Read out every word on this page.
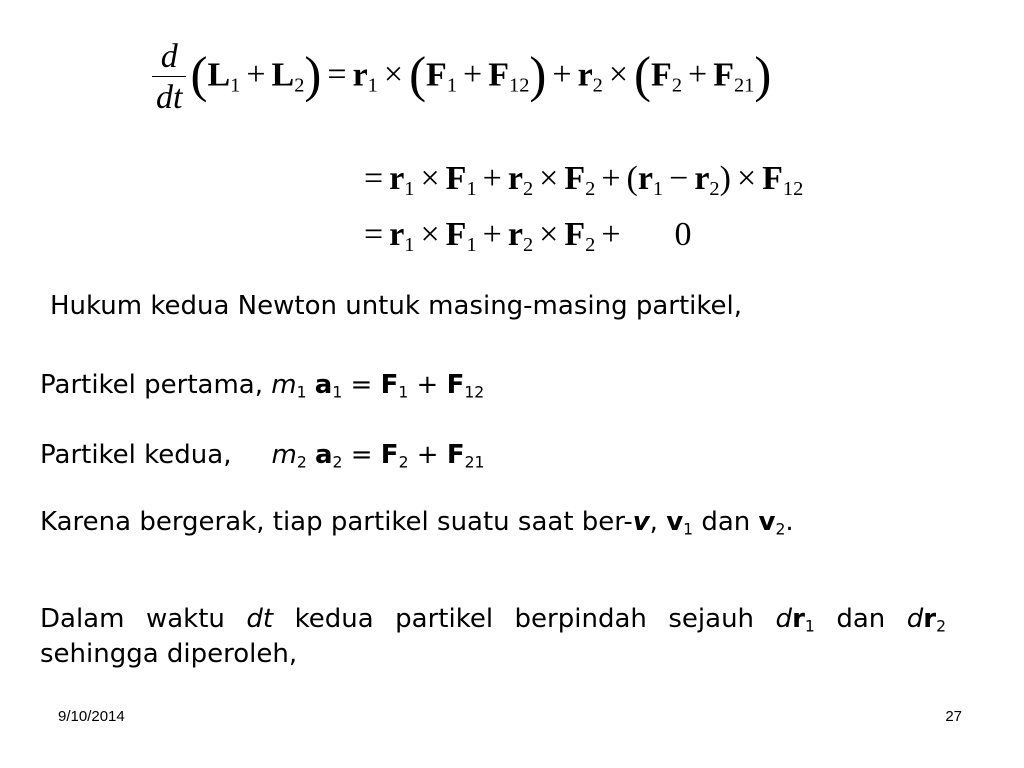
$\frac{d}{dt} (L_1 + L_2) = r_1 \times (F_1 + F_{12}) + r_2 \times (F_2 + F_{21})$
= $r_1 \times F_1 + r_2 \times F_2 + (r_1 - r_2) \times F_{12}$
= $r_1 \times F_1 + r_2 \times F_2 + 0$
Hukum kedua Newton untuk masing-masing partikel,
Partikel pertama, $m_1$ $a_1 = F_1 + F_{12}$
Partikel kedua, $m_2$ $a_2 = F_2 + F_{21}$
Karena bergerak, tiap partikel suatu saat ber-v, $v_1$ dan $v_2$.
Dalam waktu dt kedua partikel berpindah sejauh $dr_1$ dan $dr_2$ sehingga diperoleh,
9/10/2014	27
